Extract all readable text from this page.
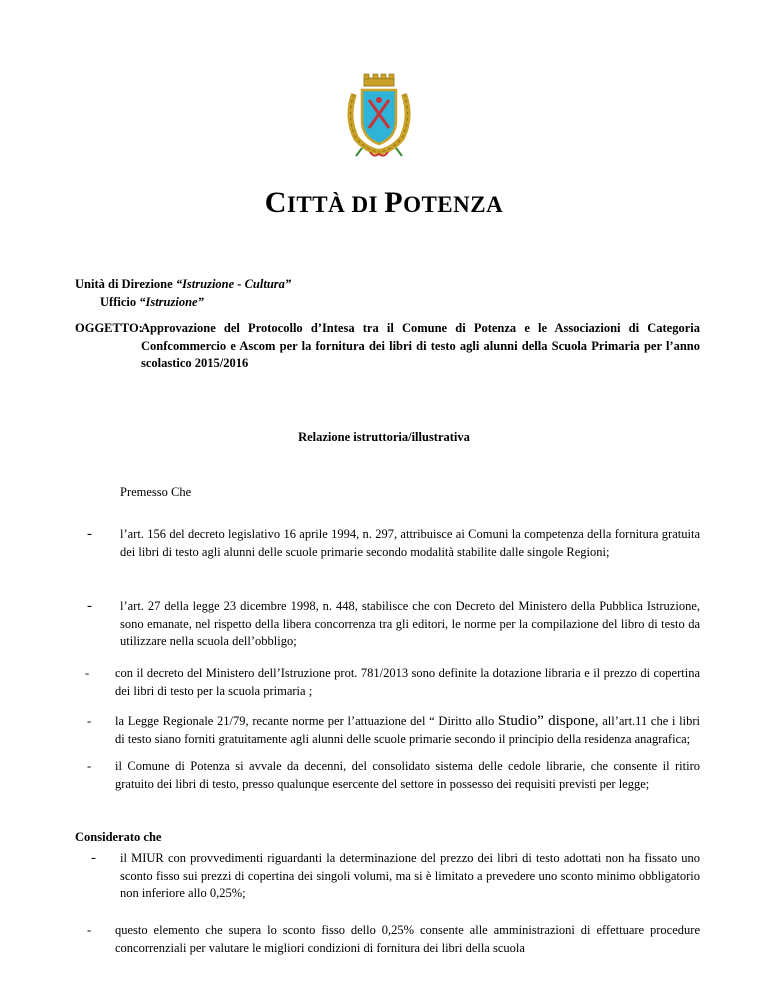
CITTÀ DI POTENZA
Unità di Direzione “Istruzione - Cultura”
Ufficio “Istruzione”
OGGETTO:
Approvazione del Protocollo d’Intesa tra il Comune di Potenza e le Associazioni di Categoria Confcommercio e Ascom per la fornitura dei libri di testo agli alunni della Scuola Primaria per l’anno scolastico 2015/2016
Relazione istruttoria/illustrativa
Premesso Che
- l’art. 156 del decreto legislativo 16 aprile 1994, n. 297, attribuisce ai Comuni la competenza della fornitura gratuita dei libri di testo agli alunni delle scuole primarie secondo modalità stabilite dalle singole Regioni;
- l’art. 27 della legge 23 dicembre 1998, n. 448, stabilisce che con Decreto del Ministero della Pubblica Istruzione, sono emanate, nel rispetto della libera concorrenza tra gli editori, le norme per la compilazione del libro di testo da utilizzare nella scuola dell’obbligo;
- con il decreto del Ministero dell’Istruzione prot. 781/2013 sono definite la dotazione libraria e il prezzo di copertina dei libri di testo per la scuola primaria ;
- la Legge Regionale 21/79, recante norme per l’attuazione del “ Diritto allo Studio” dispone, all’art.11 che i libri di testo siano forniti gratuitamente agli alunni delle scuole primarie secondo il principio della residenza anagrafica;
- il Comune di Potenza si avvale da decenni, del consolidato sistema delle cedole librarie, che consente il ritiro gratuito dei libri di testo, presso qualunque esercente del settore in possesso dei requisiti previsti per legge;
Considerato che
- il MIUR con provvedimenti riguardanti la determinazione del prezzo dei libri di testo adottati non ha fissato uno sconto fisso sui prezzi di copertina dei singoli volumi, ma si è limitato a prevedere uno sconto minimo obbligatorio non inferiore allo 0,25%;
- questo elemento che supera lo sconto fisso dello 0,25% consente alle amministrazioni di effettuare procedure concorrenziali per valutare le migliori condizioni di fornitura dei libri della scuola
